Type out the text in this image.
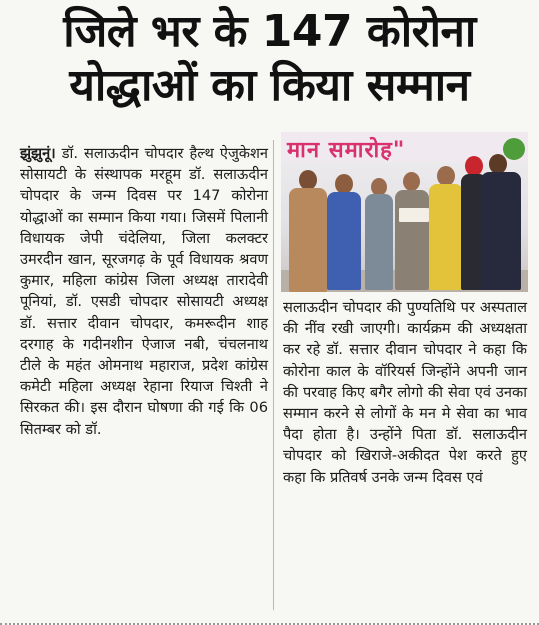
जिले भर के 147 कोरोना
योद्धाओं का किया सम्मान
झुंझुनूं। डॉ. सलाऊदीन चोपदार हैल्थ ऐजुकेशन सोसायटी के संस्थापक मरहूम डॉ. सलाऊदीन चोपदार के जन्म दिवस पर 147 कोरोना योद्धाओं का सम्मान किया गया। जिसमें पिलानी विधायक जेपी चंदेलिया, जिला कलक्टर उमरदीन खान, सूरजगढ़ के पूर्व विधायक श्रवण कुमार, महिला कांग्रेस जिला अध्यक्ष तारादेवी पूनियां, डॉ. एसडी चोपदार सोसायटी अध्यक्ष डॉ. सत्तार दीवान चोपदार, कमरूदीन शाह दरगाह के गदीनशीन ऐजाज नबी, चंचलनाथ टीले के महंत ओमनाथ महाराज, प्रदेश कांग्रेस कमेटी महिला अध्यक्ष रेहाना रियाज चिश्ती ने सिरकत की। इस दौरान घोषणा की गई कि 06 सितम्बर को डॉ.
मान समारोह"
सलाऊदीन चोपदार की पुण्यतिथि पर अस्पताल की नींव रखी जाएगी। कार्यक्रम की अध्यक्षता कर रहे डॉ. सत्तार दीवान चोपदार ने कहा कि कोरोना काल के वॉरियर्स जिन्होंने अपनी जान की परवाह किए बगैर लोगो की सेवा एवं उनका सम्मान करने से लोगों के मन मे सेवा का भाव पैदा होता है। उन्होंने पिता डॉ. सलाऊदीन चोपदार को खिराजे-अकीदत पेश करते हुए कहा कि प्रतिवर्ष उनके जन्म दिवस एवं
